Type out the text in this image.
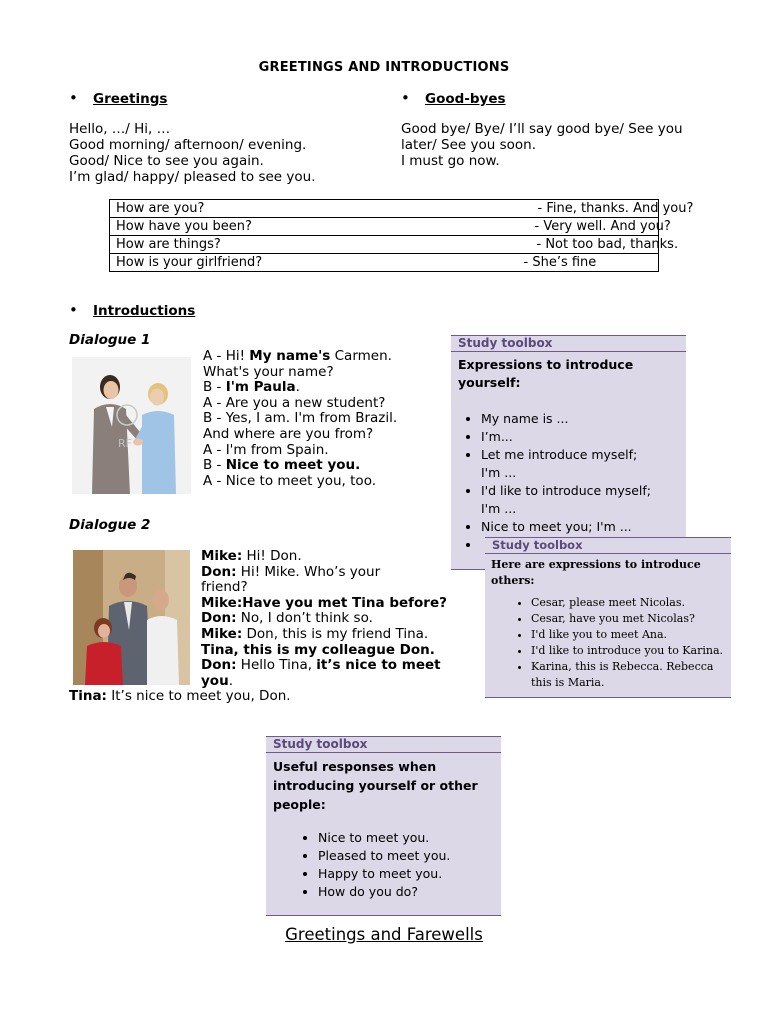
GREETINGS AND INTRODUCTIONS
• Greetings
Hello, …/ Hi, …
Good morning/ afternoon/ evening.
Good/ Nice to see you again.
I’m glad/ happy/ pleased to see you.
• Good-byes
Good bye/ Bye/ I’ll say good bye/ See you
later/ See you soon.
I must go now.
How are you?	- Fine, thanks. And you?

How have you been?	- Very well. And you?

How are things?	- Not too bad, thanks.

How is your girlfriend?	- She’s fine
• Introductions
Dialogue 1
RF
A - Hi! My name's Carmen.
What's your name?
B - I'm Paula.
A - Are you a new student?
B - Yes, I am. I'm from Brazil.
And where are you from?
A - I'm from Spain.
B - Nice to meet you.
A - Nice to meet you, too.
Study toolbox
Expressions to introduce yourself:
• My name is ...
• I’m...
• Let me introduce myself;
I'm ...
• I'd like to introduce myself;
I'm ...
• Nice to meet you; I'm ...
•
Study toolbox
Here are expressions to introduce others:
• Cesar, please meet Nicolas.
• Cesar, have you met Nicolas?
• I'd like you to meet Ana.
• I'd like to introduce you to Karina.
• Karina, this is Rebecca. Rebecca
this is Maria.
Dialogue 2
Mike: Hi! Don.
Don: Hi! Mike. Who’s your
friend?
Mike:Have you met Tina before?
Don: No, I don’t think so.
Mike: Don, this is my friend Tina.
Tina, this is my colleague Don.
Don: Hello Tina, it’s nice to meet
you.
Tina: It’s nice to meet you, Don.
Study toolbox
Useful responses when introducing yourself or other people:
• Nice to meet you.
• Pleased to meet you.
• Happy to meet you.
• How do you do?
Greetings and Farewells
